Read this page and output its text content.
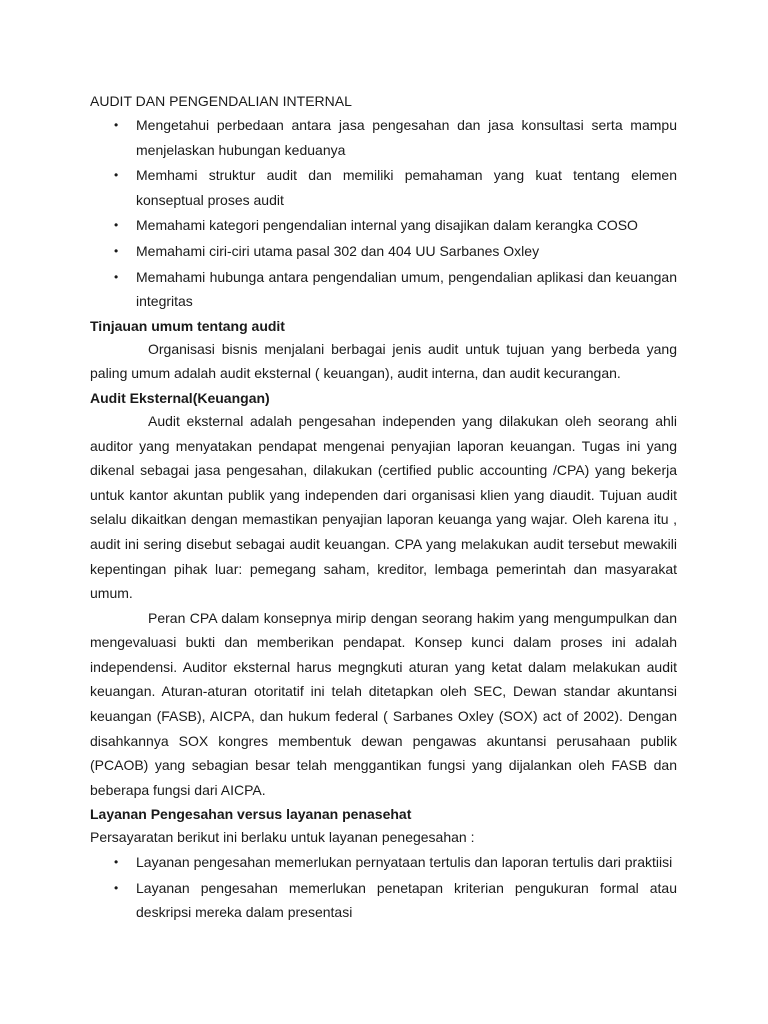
AUDIT DAN PENGENDALIAN INTERNAL
• Mengetahui perbedaan antara jasa pengesahan dan jasa konsultasi serta mampu menjelaskan hubungan keduanya
• Memhami struktur audit dan memiliki pemahaman yang kuat tentang elemen konseptual proses audit
• Memahami kategori pengendalian internal yang disajikan dalam kerangka COSO
• Memahami ciri-ciri utama pasal 302 dan 404 UU Sarbanes Oxley
• Memahami hubunga antara pengendalian umum, pengendalian aplikasi dan keuangan integritas
Tinjauan umum tentang audit

Organisasi bisnis menjalani berbagai jenis audit untuk tujuan yang berbeda yang paling umum adalah audit eksternal ( keuangan), audit interna, dan audit kecurangan.

Audit Eksternal(Keuangan)

Audit eksternal adalah pengesahan independen yang dilakukan oleh seorang ahli auditor yang menyatakan pendapat mengenai penyajian laporan keuangan. Tugas ini yang dikenal sebagai jasa pengesahan, dilakukan (certified public accounting /CPA) yang bekerja untuk kantor akuntan publik yang independen dari organisasi klien yang diaudit. Tujuan audit selalu dikaitkan dengan memastikan penyajian laporan keuanga yang wajar. Oleh karena itu , audit ini sering disebut sebagai audit keuangan. CPA yang melakukan audit tersebut mewakili kepentingan pihak luar: pemegang saham, kreditor, lembaga pemerintah dan masyarakat umum.

Peran CPA dalam konsepnya mirip dengan seorang hakim yang mengumpulkan dan mengevaluasi bukti dan memberikan pendapat. Konsep kunci dalam proses ini adalah independensi. Auditor eksternal harus megngkuti aturan yang ketat dalam melakukan audit keuangan. Aturan-aturan otoritatif ini telah ditetapkan oleh SEC, Dewan standar akuntansi keuangan (FASB), AICPA, dan hukum federal ( Sarbanes Oxley (SOX) act of 2002). Dengan disahkannya SOX kongres membentuk dewan pengawas akuntansi perusahaan publik (PCAOB) yang sebagian besar telah menggantikan fungsi yang dijalankan oleh FASB dan beberapa fungsi dari AICPA.

Layanan Pengesahan versus layanan penasehat

Persayaratan berikut ini berlaku untuk layanan penegesahan :

• Layanan pengesahan memerlukan pernyataan tertulis dan laporan tertulis dari praktiisi
• Layanan pengesahan memerlukan penetapan kriterian pengukuran formal atau deskripsi mereka dalam presentasi
